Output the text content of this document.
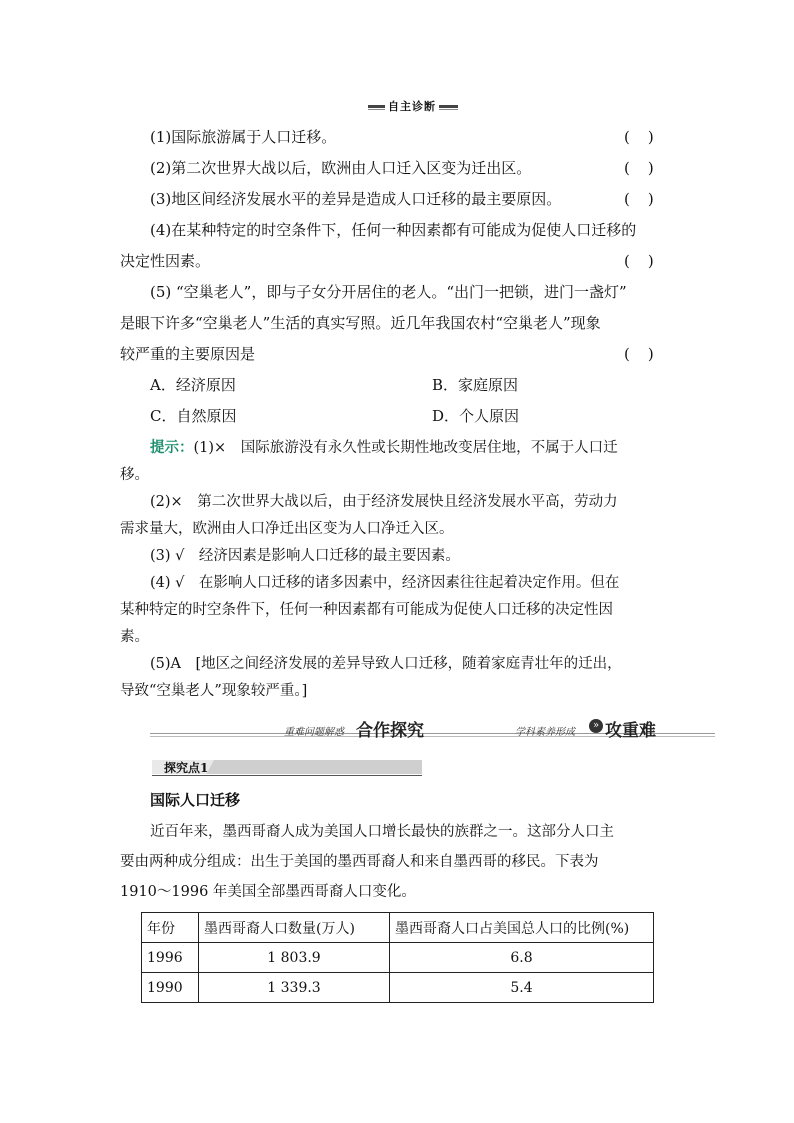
自主诊断
(1)国际旅游属于人口迁移。	()
(2)第二次世界大战以后，欧洲由人口迁入区变为迁出区。	()
(3)地区间经济发展水平的差异是造成人口迁移的最主要原因。	()
(4)在某种特定的时空条件下，任何一种因素都有可能成为促使人口迁移的
决定性因素。	()
(5) “空巢老人”，即与子女分开居住的老人。“出门一把锁，进门一盏灯”
是眼下许多“空巢老人”生活的真实写照。近几年我国农村“空巢老人”现象
较严重的主要原因是	()
A．经济原因	B．家庭原因
C．自然原因	D．个人原因
提示：(1)×　国际旅游没有永久性或长期性地改变居住地，不属于人口迁
移。
(2)×　第二次世界大战以后，由于经济发展快且经济发展水平高，劳动力
需求量大，欧洲由人口净迁出区变为人口净迁入区。
(3) √　经济因素是影响人口迁移的最主要因素。
(4) √　在影响人口迁移的诸多因素中，经济因素往往起着决定作用。但在
某种特定的时空条件下，任何一种因素都有可能成为促使人口迁移的决定性因
素。
(5)A　[地区之间经济发展的差异导致人口迁移，随着家庭青壮年的迁出，
导致“空巢老人”现象较严重。]
重难问题解惑 合作探究	» 攻重难
学科素养形成
探究点1
国际人口迁移
近百年来，墨西哥裔人成为美国人口增长最快的族群之一。这部分人口主
要由两种成分组成：出生于美国的墨西哥裔人和来自墨西哥的移民。下表为
1910～1996 年美国全部墨西哥裔人口变化。
年份	墨西哥裔人口数量(万人)	墨西哥裔人口占美国总人口的比例(%)
1996	1 803.9	6.8
1990	1 339.3	5.4
